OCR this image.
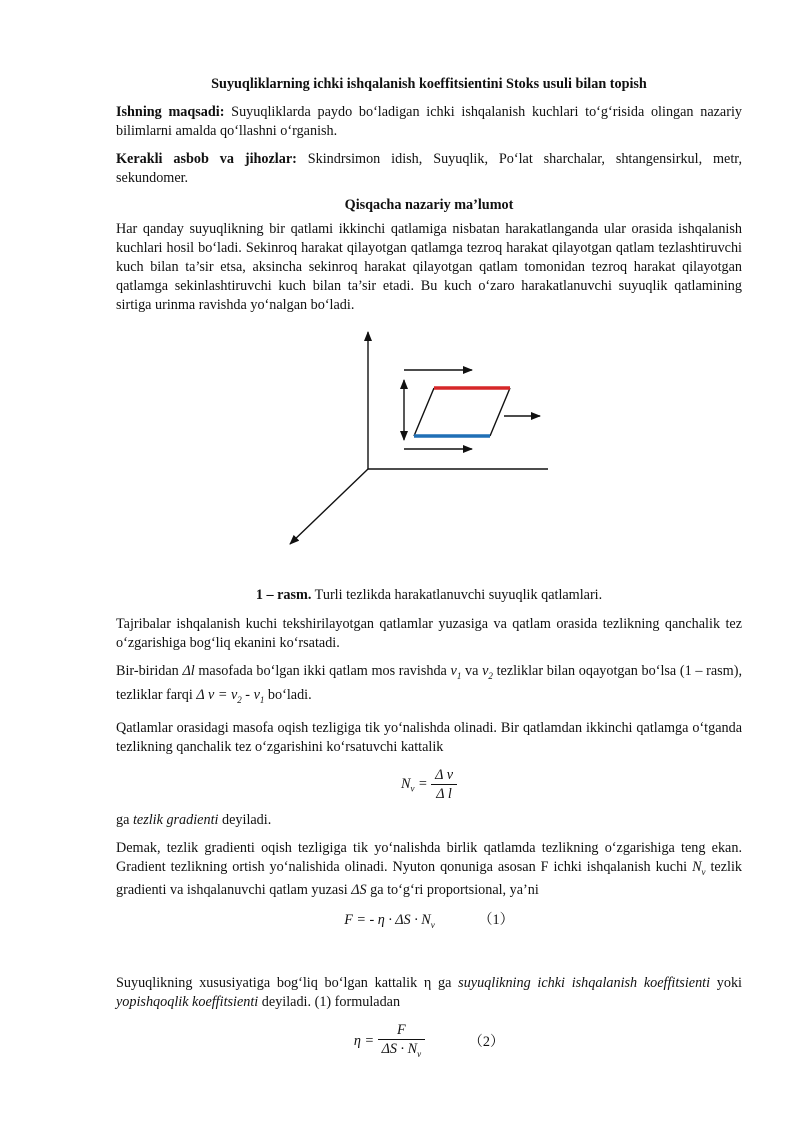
Suyuqliklarning ichki ishqalanish koeffitsientini Stoks usuli bilan topish

Ishning maqsadi: Suyuqliklarda paydo bo‘ladigan ichki ishqalanish kuchlari to‘g‘risida olingan nazariy bilimlarni amalda qo‘llashni o‘rganish.

Kerakli asbob va jihozlar: Skindrsimon idish, Suyuqlik, Po‘lat sharchalar, shtangensirkul, metr, sekundomer.

Qisqacha nazariy ma’lumot

Har qanday suyuqlikning bir qatlami ikkinchi qatlamiga nisbatan harakatlanganda ular orasida ishqalanish kuchlari hosil bo‘ladi. Sekinroq harakat qilayotgan qatlamga tezroq harakat qilayotgan qatlam tezlashtiruvchi kuch bilan ta’sir etsa, aksincha sekinroq harakat qilayotgan qatlam tomonidan tezroq harakat qilayotgan qatlamga sekinlashtiruvchi kuch bilan ta’sir etadi. Bu kuch o‘zaro harakatlanuvchi suyuqlik qatlamining sirtiga urinma ravishda yo‘nalgan bo‘ladi.

1 – rasm. Turli tezlikda harakatlanuvchi suyuqlik qatlamlari.

Tajribalar ishqalanish kuchi tekshirilayotgan qatlamlar yuzasiga va qatlam orasida tezlikning qanchalik tez o‘zgarishiga bog‘liq ekanini ko‘rsatadi.

Bir-biridan Δl masofada bo‘lgan ikki qatlam mos ravishda $v_1$ va $v_2$ tezliklar bilan oqayotgan bo‘lsa (1 – rasm), tezliklar farqi Δ $v = v_2 - v_1$ bo‘ladi.

Qatlamlar orasidagi masofa oqish tezligiga tik yo‘nalishda olinadi. Bir qatlamdan ikkinchi qatlamga o‘tganda tezlikning qanchalik tez o‘zgarishini ko‘rsatuvchi kattalik

$N_v = \frac{\text{Δ v}}{\text{Δ l}}$

ga tezlik gradienti deyiladi.

Demak, tezlik gradienti oqish tezligiga tik yo‘nalishda birlik qatlamda tezlikning o‘zgarishiga teng ekan. Gradient tezlikning ortish yo‘nalishida olinadi. Nyuton qonuniga asosan F ichki ishqalanish kuchi $N_v$ tezlik gradienti va ishqalanuvchi qatlam yuzasi ΔS ga to‘g‘ri proportsional, ya’ni

F = - $\eta \cdot \Delta S \cdot N_v$	（1）

Suyuqlikning xususiyatiga bog‘liq bo‘lgan kattalik η ga suyuqlikning ichki ishqalanish koeffitsienti yoki yopishqoqlik koeffitsienti deyiladi. (1) formuladan

$\eta = \frac{F}{\Delta S \cdot N_v}$	（2）
